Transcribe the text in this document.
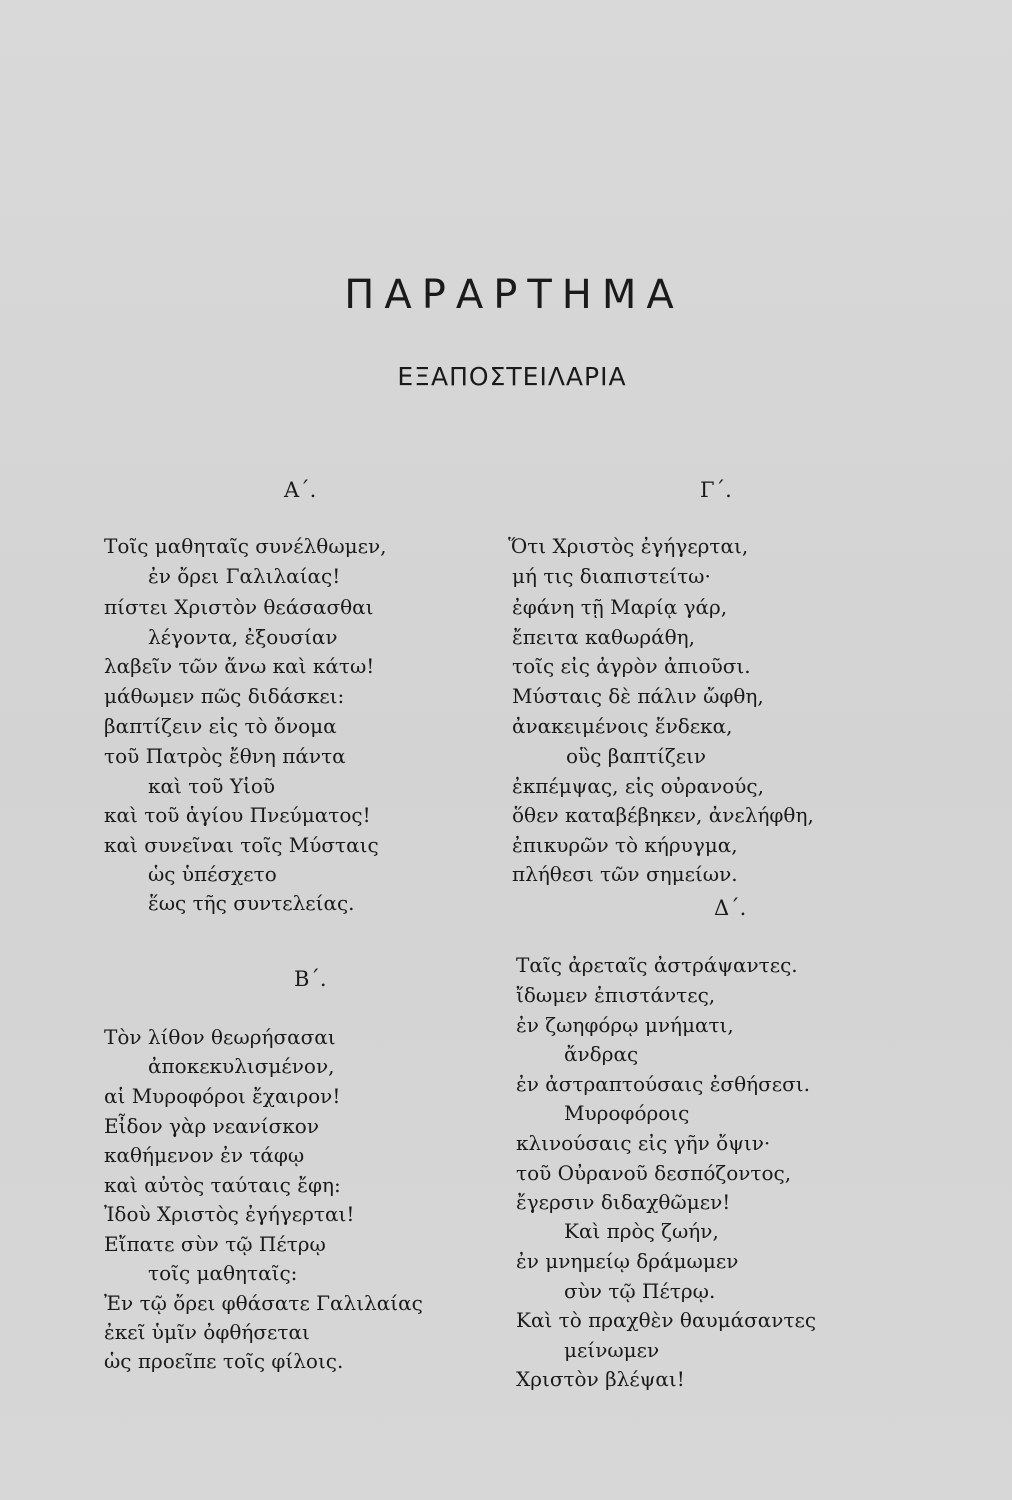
ΠΑΡΑΡΤΗΜΑ
ΕΞΑΠΟΣΤΕΙΛΑΡΙΑ
Α΄.
Τοῖς μαθηταῖς συνέλθωμεν,
ἐν ὄρει Γαλιλαίας!
πίστει Χριστὸν θεάσασθαι
λέγοντα, ἐξουσίαν
λαβεῖν τῶν ἄνω καὶ κάτω!
μάθωμεν πῶς διδάσκει:
βαπτίζειν εἰς τὸ ὄνομα
τοῦ Πατρὸς ἔθνη πάντα
καὶ τοῦ Υἱοῦ
καὶ τοῦ ἁγίου Πνεύματος!
καὶ συνεῖναι τοῖς Μύσταις
ὡς ὑπέσχετο
ἕως τῆς συντελείας.
Β΄.
Τὸν λίθον θεωρήσασαι
ἀποκεκυλισμένον,
αἱ Μυροφόροι ἔχαιρον!
Εἶδον γὰρ νεανίσκον
καθήμενον ἐν τάφῳ
καὶ αὐτὸς ταύταις ἔφη:
Ἰδοὺ Χριστὸς ἐγήγερται!
Εἴπατε σὺν τῷ Πέτρῳ
τοῖς μαθηταῖς:
Ἐν τῷ ὄρει φθάσατε Γαλιλαίας
ἐκεῖ ὑμῖν ὀφθήσεται
ὡς προεῖπε τοῖς φίλοις.
Γ΄.
Ὅτι Χριστὸς ἐγήγερται,
μή τις διαπιστείτω·
ἐφάνη τῇ Μαρίᾳ γάρ,
ἔπειτα καθωράθη,
τοῖς εἰς ἀγρὸν ἀπιοῦσι.
Μύσταις δὲ πάλιν ὤφθη,
ἀνακειμένοις ἕνδεκα,
οὓς βαπτίζειν
ἐκπέμψας, εἰς οὐρανούς,
ὅθεν καταβέβηκεν, ἀνελήφθη,
ἐπικυρῶν τὸ κήρυγμα,
πλήθεσι τῶν σημείων.
Δ΄.
Ταῖς ἀρεταῖς ἀστράψαντες.
ἴδωμεν ἐπιστάντες,
ἐν ζωηφόρῳ μνήματι,
ἄνδρας
ἐν ἀστραπτούσαις ἐσθήσεσι.
Μυροφόροις
κλινούσαις εἰς γῆν ὄψιν·
τοῦ Οὐρανοῦ δεσπόζοντος,
ἔγερσιν διδαχθῶμεν!
Καὶ πρὸς ζωήν,
ἐν μνημείῳ δράμωμεν
σὺν τῷ Πέτρῳ.
Καὶ τὸ πραχθὲν θαυμάσαντες
μείνωμεν
Χριστὸν βλέψαι!
